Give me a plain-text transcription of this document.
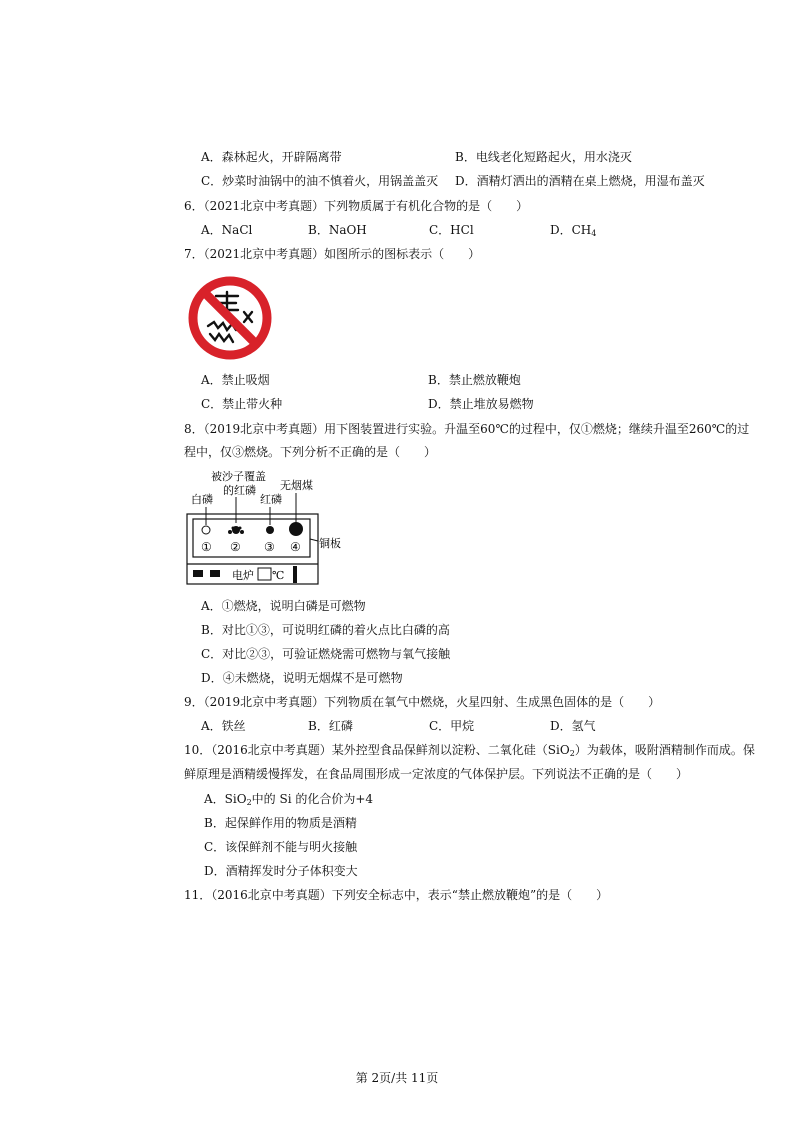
A．森林起火，开辟隔离带	B．电线老化短路起火，用水浇灭
C．炒菜时油锅中的油不慎着火，用锅盖盖灭 D．酒精灯洒出的酒精在桌上燃烧，用湿布盖灭
6．（2021北京中考真题）下列物质属于有机化合物的是（　　）
A．NaCl	B．NaOH	C．HCl	D．$CH_4$
7．（2021北京中考真题）如图所示的图标表示（　　）
A．禁止吸烟	B．禁止燃放鞭炮
C．禁止带火种	D．禁止堆放易燃物
8．（2019北京中考真题）用下图装置进行实验。升温至60℃的过程中，仅①燃烧；继续升温至260℃的过
程中，仅③燃烧。下列分析不正确的是（　　）
被沙子覆盖
的红磷
白磷	红磷
无烟煤
① ② ③ ④ 铜板
电炉 ℃
A．①燃烧，说明白磷是可燃物
B．对比①③，可说明红磷的着火点比白磷的高
C．对比②③，可验证燃烧需可燃物与氧气接触
D．④未燃烧，说明无烟煤不是可燃物
9．（2019北京中考真题）下列物质在氧气中燃烧，火星四射、生成黑色固体的是（　　）
A．铁丝	B．红磷	C．甲烷	D．氢气
10．（2016北京中考真题）某外控型食品保鲜剂以淀粉、二氧化硅（SiO$_2$）为载体，吸附酒精制作而成。保
鲜原理是酒精缓慢挥发，在食品周围形成一定浓度的气体保护层。下列说法不正确的是（　　）
A．SiO$_2$中的 Si 的化合价为+4
B．起保鲜作用的物质是酒精
C．该保鲜剂不能与明火接触
D．酒精挥发时分子体积变大
11．（2016北京中考真题）下列安全标志中，表示“禁止燃放鞭炮”的是（　　）
第 2页/共 11页
